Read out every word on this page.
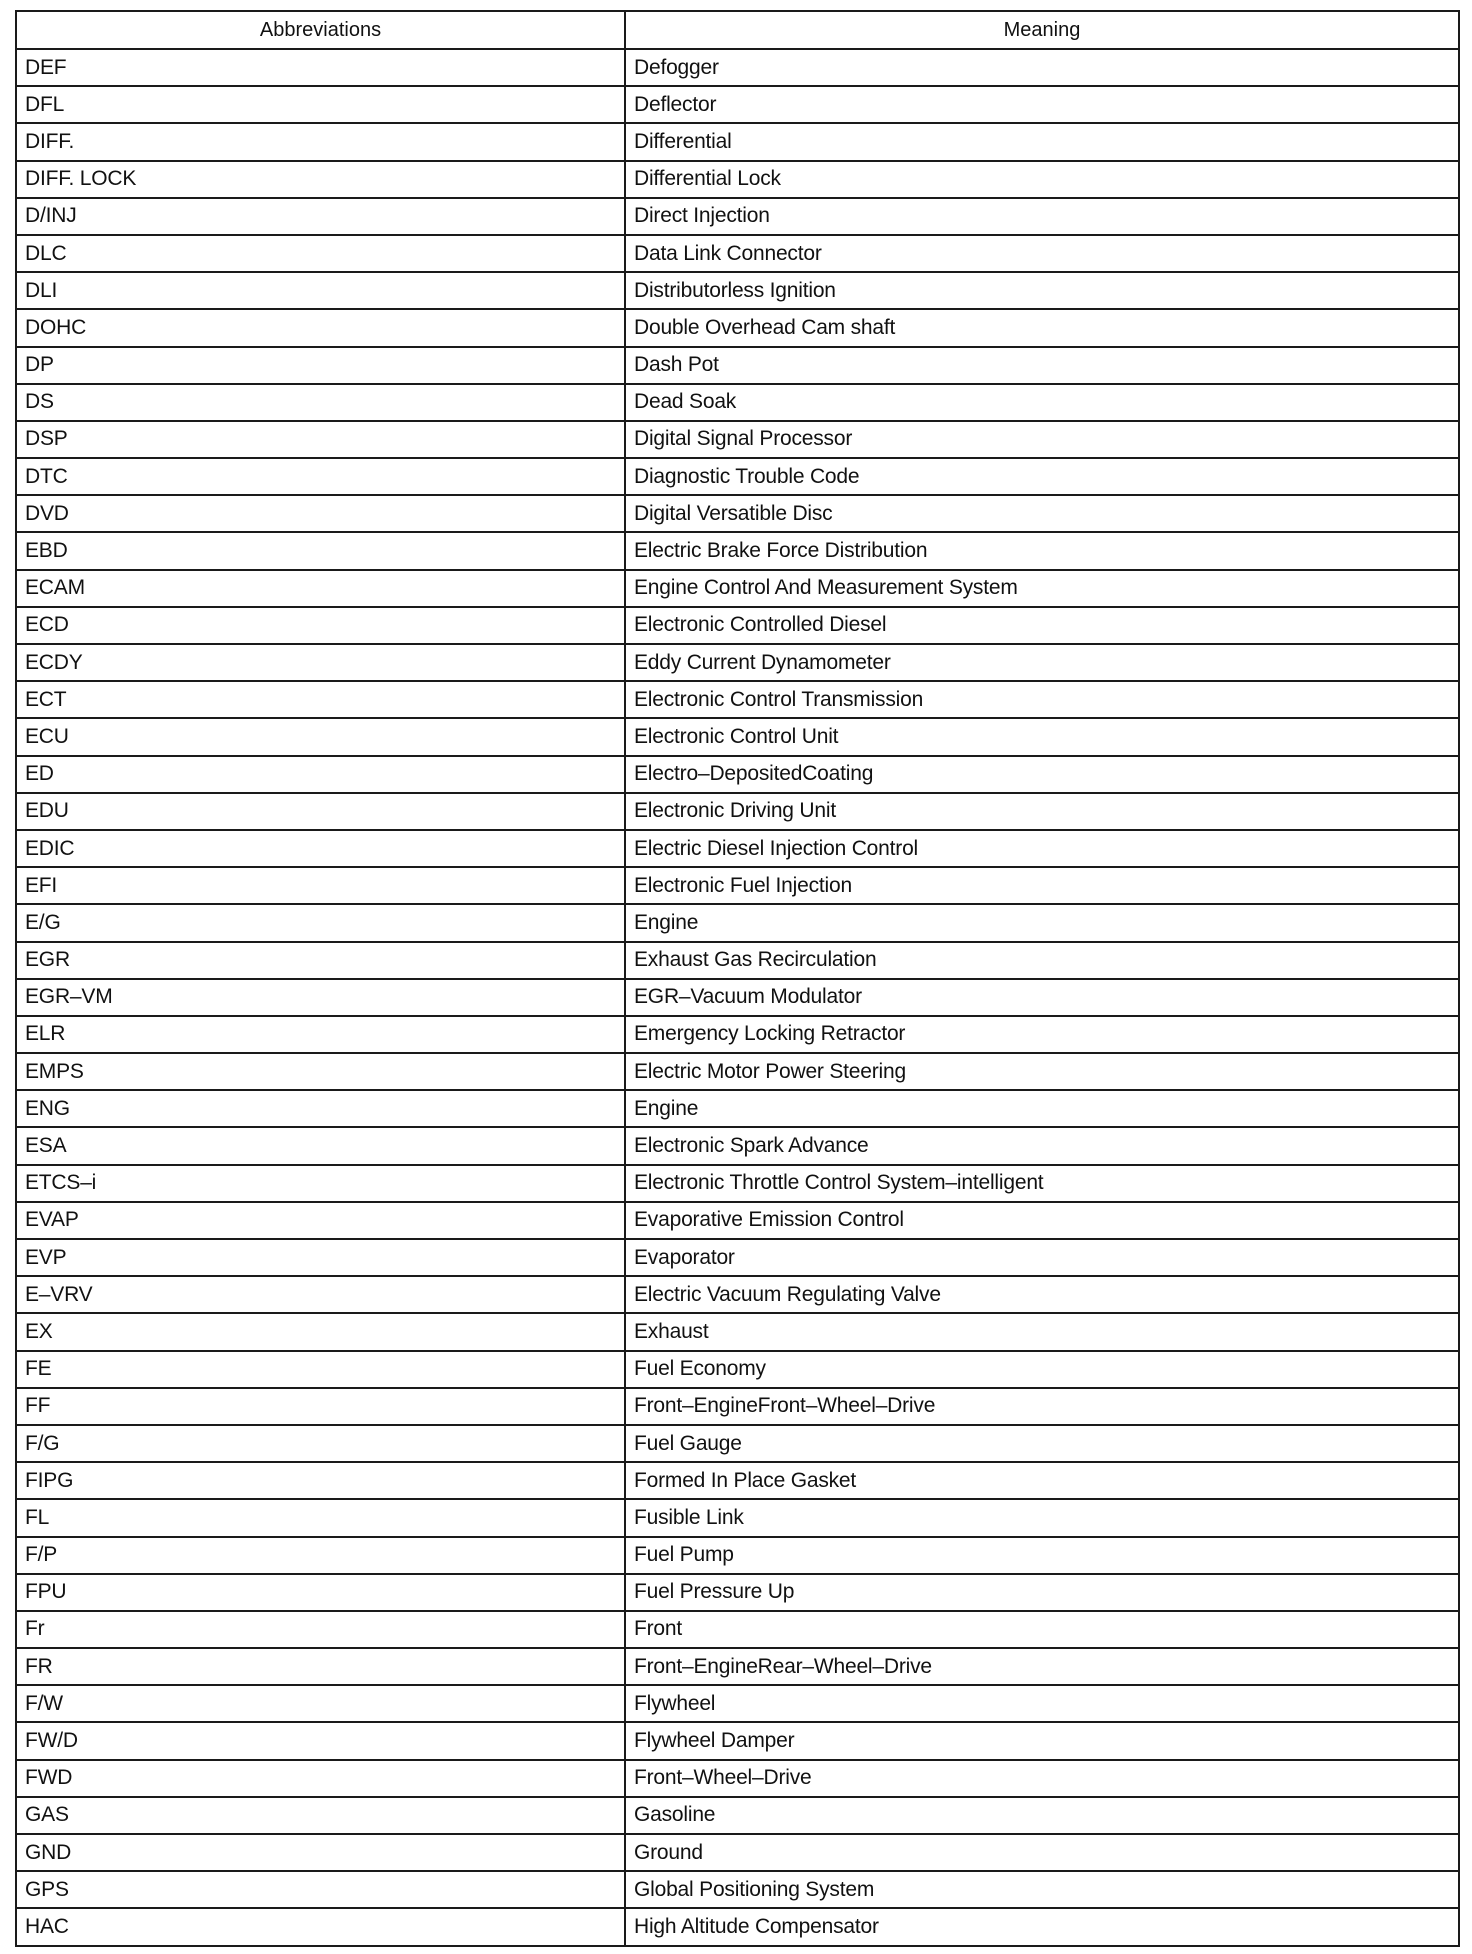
Abbreviations	Meaning
DEF	Defogger
DFL	Deflector
DIFF.	Differential
DIFF. LOCK	Differential Lock
D/INJ	Direct Injection
DLC	Data Link Connector
DLI	Distributorless Ignition
DOHC	Double Overhead Cam shaft
DP	Dash Pot
DS	Dead Soak
DSP	Digital Signal Processor
DTC	Diagnostic Trouble Code
DVD	Digital Versatible Disc
EBD	Electric Brake Force Distribution
ECAM	Engine Control And Measurement System
ECD	Electronic Controlled Diesel
ECDY	Eddy Current Dynamometer
ECT	Electronic Control Transmission
ECU	Electronic Control Unit
ED	Electro–DepositedCoating
EDU	Electronic Driving Unit
EDIC	Electric Diesel Injection Control
EFI	Electronic Fuel Injection
E/G	Engine
EGR	Exhaust Gas Recirculation
EGR–VM	EGR–Vacuum Modulator
ELR	Emergency Locking Retractor
EMPS	Electric Motor Power Steering
ENG	Engine
ESA	Electronic Spark Advance
ETCS–i	Electronic Throttle Control System–intelligent
EVAP	Evaporative Emission Control
EVP	Evaporator
E–VRV	Electric Vacuum Regulating Valve
EX	Exhaust
FE	Fuel Economy
FF	Front–EngineFront–Wheel–Drive
F/G	Fuel Gauge
FIPG	Formed In Place Gasket
FL	Fusible Link
F/P	Fuel Pump
FPU	Fuel Pressure Up
Fr	Front
FR	Front–EngineRear–Wheel–Drive
F/W	Flywheel
FW/D	Flywheel Damper
FWD	Front–Wheel–Drive
GAS	Gasoline
GND	Ground
GPS	Global Positioning System
HAC	High Altitude Compensator
